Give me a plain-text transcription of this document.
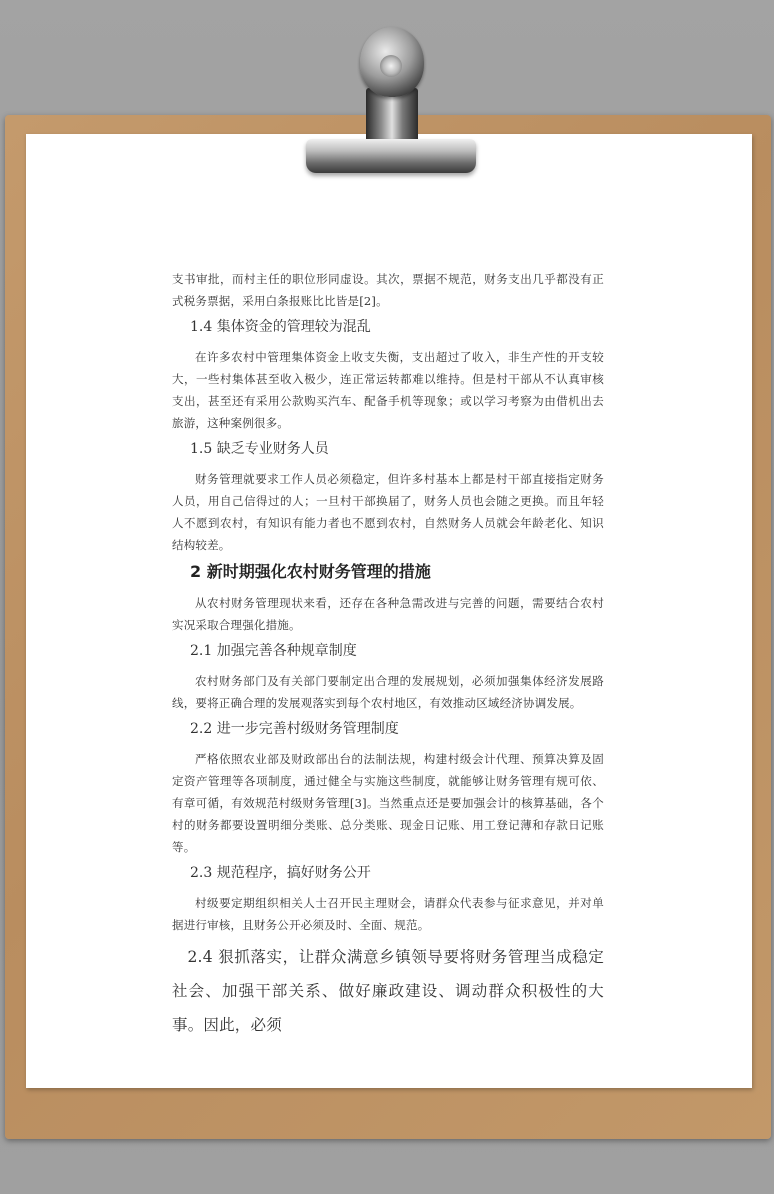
支书审批，而村主任的职位形同虚设。其次，票据不规范，财务支出几乎都没有正式税务票据，采用白条报账比比皆是[2]。

1.4 集体资金的管理较为混乱

在许多农村中管理集体资金上收支失衡，支出超过了收入，非生产性的开支较大，一些村集体甚至收入极少，连正常运转都难以维持。但是村干部从不认真审核支出，甚至还有采用公款购买汽车、配备手机等现象；或以学习考察为由借机出去旅游，这种案例很多。

1.5 缺乏专业财务人员

财务管理就要求工作人员必须稳定，但许多村基本上都是村干部直接指定财务人员，用自己信得过的人；一旦村干部换届了，财务人员也会随之更换。而且年轻人不愿到农村，有知识有能力者也不愿到农村，自然财务人员就会年龄老化、知识结构较差。

2 新时期强化农村财务管理的措施

从农村财务管理现状来看，还存在各种急需改进与完善的问题，需要结合农村实况采取合理强化措施。

2.1 加强完善各种规章制度

农村财务部门及有关部门要制定出合理的发展规划，必须加强集体经济发展路线，要将正确合理的发展观落实到每个农村地区，有效推动区域经济协调发展。

2.2 进一步完善村级财务管理制度

严格依照农业部及财政部出台的法制法规，构建村级会计代理、预算决算及固定资产管理等各项制度，通过健全与实施这些制度，就能够让财务管理有规可依、有章可循，有效规范村级财务管理[3]。当然重点还是要加强会计的核算基础，各个村的财务都要设置明细分类账、总分类账、现金日记账、用工登记薄和存款日记账等。

2.3 规范程序，搞好财务公开

村级要定期组织相关人士召开民主理财会，请群众代表参与征求意见，并对单据进行审核，且财务公开必须及时、全面、规范。

2.4 狠抓落实，让群众满意乡镇领导要将财务管理当成稳定社会、加强干部关系、做好廉政建设、调动群众积极性的大事。因此，必须
